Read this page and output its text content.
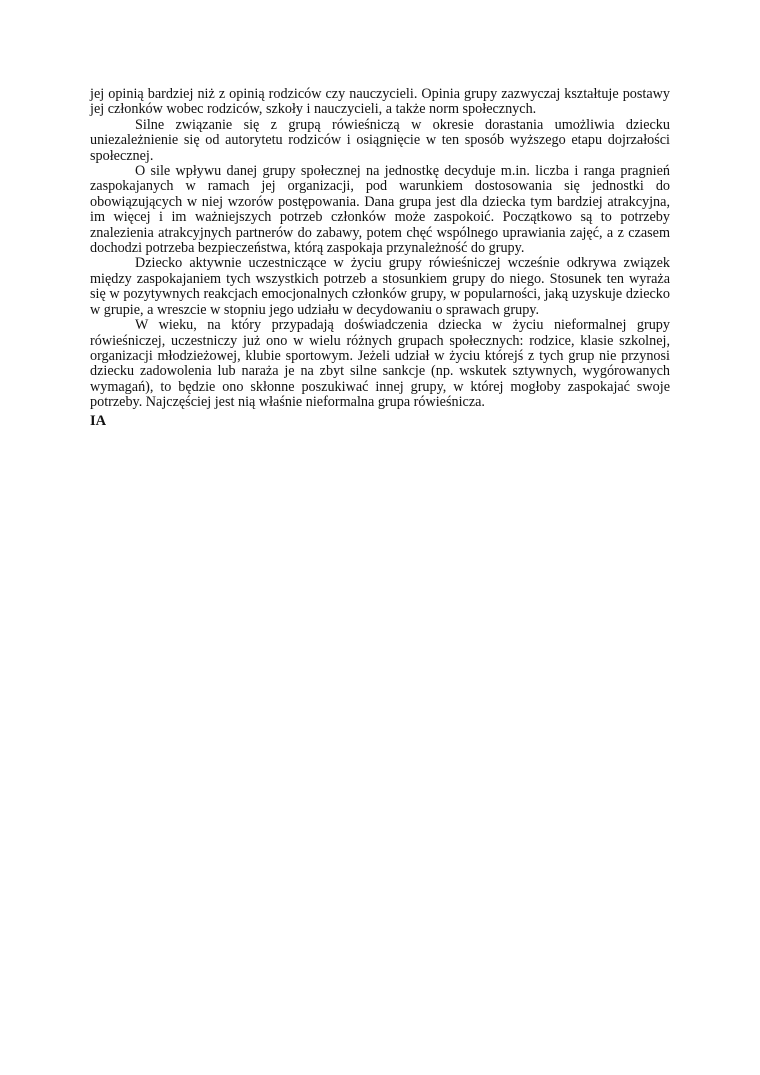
jej opinią bardziej niż z opinią rodziców czy nauczycieli. Opinia grupy zazwyczaj kształtuje postawy jej członków wobec rodziców, szkoły i nauczycieli, a także norm społecznych.

Silne związanie się z grupą rówieśniczą w okresie dorastania umożliwia dziecku uniezależnienie się od autorytetu rodziców i osiągnięcie w ten sposób wyższego etapu dojrzałości społecznej.

O sile wpływu danej grupy społecznej na jednostkę decyduje m.in. liczba i ranga pragnień zaspokajanych w ramach jej organizacji, pod warunkiem dostosowania się jednostki do obowiązujących w niej wzorów postępowania. Dana grupa jest dla dziecka tym bardziej atrakcyjna, im więcej i im ważniejszych potrzeb członków może zaspokoić. Początkowo są to potrzeby znalezienia atrakcyjnych partnerów do zabawy, potem chęć wspólnego uprawiania zajęć, a z czasem dochodzi potrzeba bezpieczeństwa, którą zaspokaja przynależność do grupy.

Dziecko aktywnie uczestniczące w życiu grupy rówieśniczej wcześnie odkrywa związek między zaspokajaniem tych wszystkich potrzeb a stosunkiem grupy do niego. Stosunek ten wyraża się w pozytywnych reakcjach emocjonalnych członków grupy, w popularności, jaką uzyskuje dziecko w grupie, a wreszcie w stopniu jego udziału w decydowaniu o sprawach grupy.

W wieku, na który przypadają doświadczenia dziecka w życiu nieformalnej grupy rówieśniczej, uczestniczy już ono w wielu różnych grupach społecznych: rodzice, klasie szkolnej, organizacji młodzieżowej, klubie sportowym. Jeżeli udział w życiu którejś z tych grup nie przynosi dziecku zadowolenia lub naraża je na zbyt silne sankcje (np. wskutek sztywnych, wygórowanych wymagań), to będzie ono skłonne poszukiwać innej grupy, w której mogłoby zaspokajać swoje potrzeby. Najczęściej jest nią właśnie nieformalna grupa rówieśnicza.

IA
